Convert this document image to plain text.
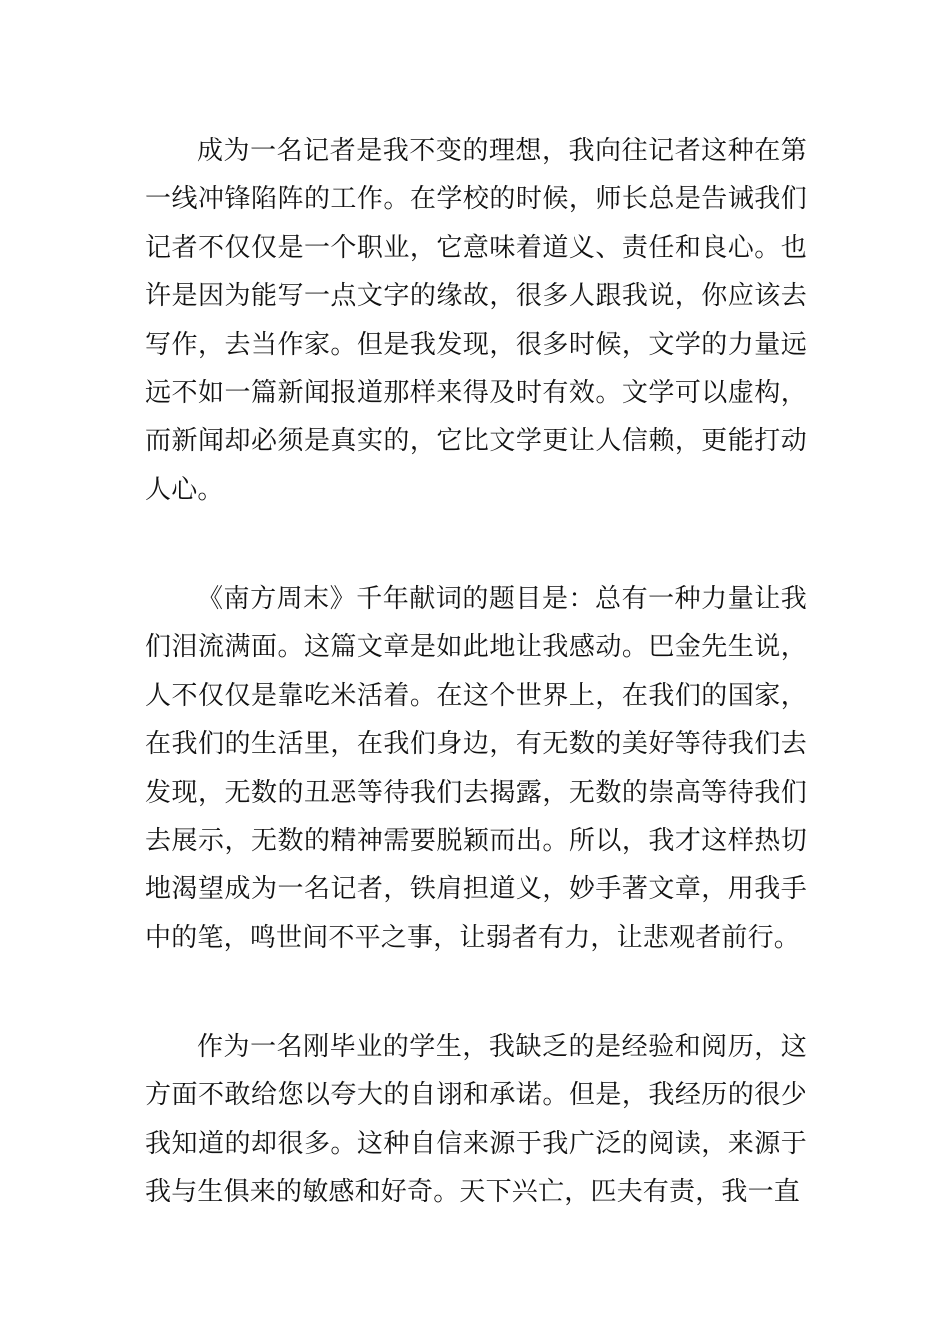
成为一名记者是我不变的理想，我向往记者这种在第一线冲锋陷阵的工作。在学校的时候，师长总是告诫我们记者不仅仅是一个职业，它意味着道义、责任和良心。也许是因为能写一点文字的缘故，很多人跟我说，你应该去写作，去当作家。但是我发现，很多时候，文学的力量远远不如一篇新闻报道那样来得及时有效。文学可以虚构，而新闻却必须是真实的，它比文学更让人信赖，更能打动人心。

《南方周末》千年献词的题目是：总有一种力量让我们泪流满面。这篇文章是如此地让我感动。巴金先生说，人不仅仅是靠吃米活着。在这个世界上，在我们的国家，在我们的生活里，在我们身边，有无数的美好等待我们去发现，无数的丑恶等待我们去揭露，无数的崇高等待我们去展示，无数的精神需要脱颖而出。所以，我才这样热切地渴望成为一名记者，铁肩担道义，妙手著文章，用我手中的笔，鸣世间不平之事，让弱者有力，让悲观者前行。

作为一名刚毕业的学生，我缺乏的是经验和阅历，这方面不敢给您以夸大的自诩和承诺。但是，我经历的很少我知道的却很多。这种自信来源于我广泛的阅读，来源于我与生俱来的敏感和好奇。天下兴亡，匹夫有责，我一直
